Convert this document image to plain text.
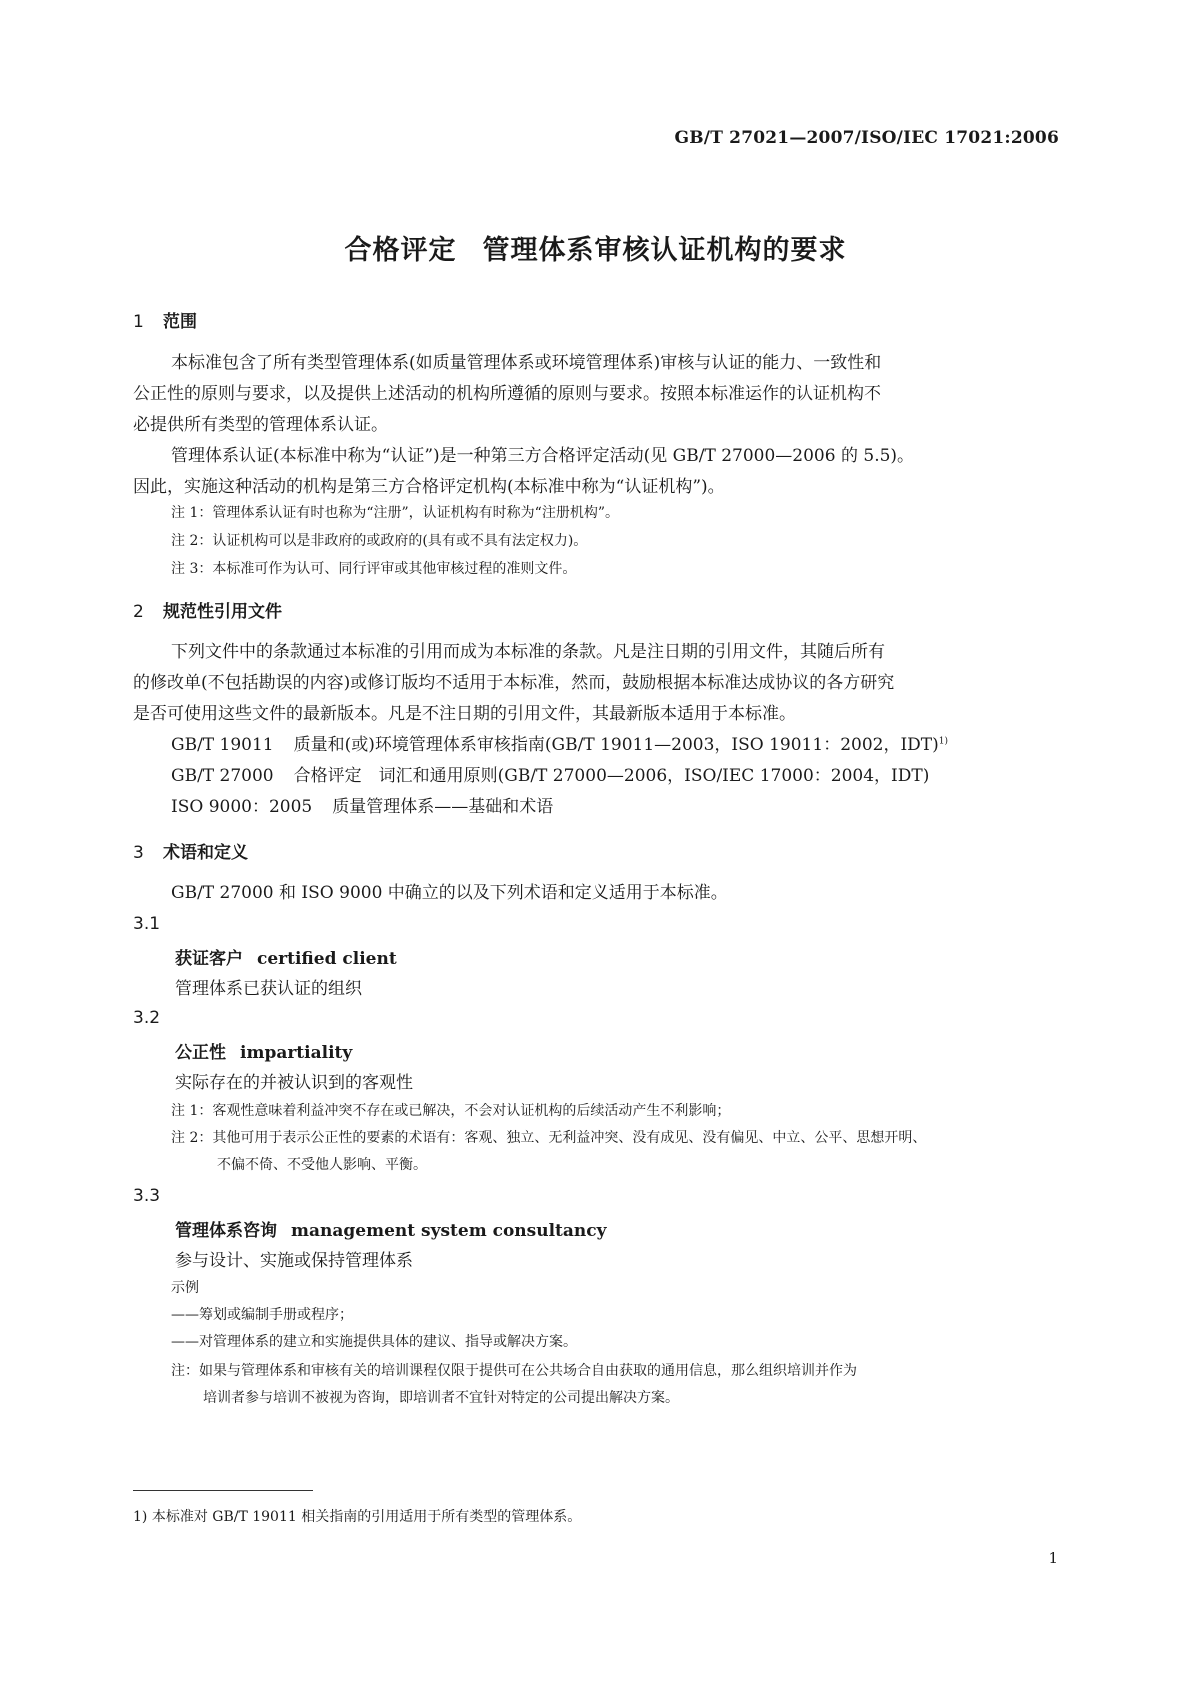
GB/T 27021—2007/ISO/IEC 17021:2006
合格评定 管理体系审核认证机构的要求
1 范围
本标准包含了所有类型管理体系(如质量管理体系或环境管理体系)审核与认证的能力、一致性和
公正性的原则与要求，以及提供上述活动的机构所遵循的原则与要求。按照本标准运作的认证机构不
必提供所有类型的管理体系认证。
管理体系认证(本标准中称为“认证”)是一种第三方合格评定活动(见 GB/T 27000—2006 的 5.5)。
因此，实施这种活动的机构是第三方合格评定机构(本标准中称为“认证机构”)。
注 1：管理体系认证有时也称为“注册”，认证机构有时称为“注册机构”。
注 2：认证机构可以是非政府的或政府的(具有或不具有法定权力)。
注 3：本标准可作为认可、同行评审或其他审核过程的准则文件。
2 规范性引用文件
下列文件中的条款通过本标准的引用而成为本标准的条款。凡是注日期的引用文件，其随后所有
的修改单(不包括勘误的内容)或修订版均不适用于本标准，然而，鼓励根据本标准达成协议的各方研究
是否可使用这些文件的最新版本。凡是不注日期的引用文件，其最新版本适用于本标准。
GB/T 19011 质量和(或)环境管理体系审核指南(GB/T 19011—2003，ISO 19011：2002，IDT)$^{1)}$
GB/T 27000 合格评定　词汇和通用原则(GB/T 27000—2006，ISO/IEC 17000：2004，IDT)
ISO 9000：2005 质量管理体系——基础和术语
3 术语和定义
GB/T 27000 和 ISO 9000 中确立的以及下列术语和定义适用于本标准。
3.1
获证客户 certified client
管理体系已获认证的组织
3.2
公正性 impartiality
实际存在的并被认识到的客观性
注 1：客观性意味着利益冲突不存在或已解决，不会对认证机构的后续活动产生不利影响；
注 2：其他可用于表示公正性的要素的术语有：客观、独立、无利益冲突、没有成见、没有偏见、中立、公平、思想开明、
不偏不倚、不受他人影响、平衡。
3.3
管理体系咨询 management system consultancy
参与设计、实施或保持管理体系
示例
——筹划或编制手册或程序；
——对管理体系的建立和实施提供具体的建议、指导或解决方案。
注：如果与管理体系和审核有关的培训课程仅限于提供可在公共场合自由获取的通用信息，那么组织培训并作为
培训者参与培训不被视为咨询，即培训者不宜针对特定的公司提出解决方案。
1) 本标准对 GB/T 19011 相关指南的引用适用于所有类型的管理体系。
1
